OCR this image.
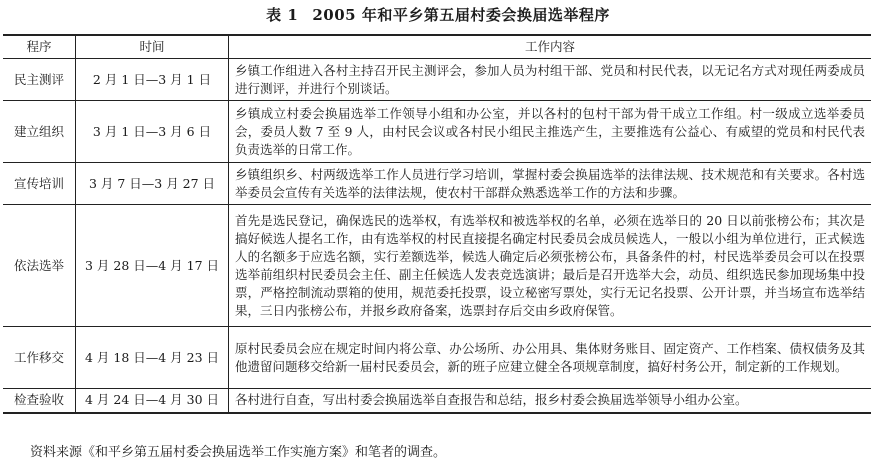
表 1 2005 年和平乡第五届村委会换届选举程序
程序	时间	工作内容
民主测评	2 月 1 日—3 月 1 日	乡镇工作组进入各村主持召开民主测评会，参加人员为村组干部、党员和村民代表，以无记名方式对现任两委成员进行测评，并进行个别谈话。
建立组织	3 月 1 日—3 月 6 日	乡镇成立村委会换届选举工作领导小组和办公室，并以各村的包村干部为骨干成立工作组。村一级成立选举委员会，委员人数 7 至 9 人，由村民会议或各村民小组民主推选产生，主要推选有公益心、有威望的党员和村民代表负责选举的日常工作。
宣传培训	3 月 7 日—3 月 27 日	乡镇组织乡、村两级选举工作人员进行学习培训，掌握村委会换届选举的法律法规、技术规范和有关要求。各村选举委员会宣传有关选举的法律法规，使农村干部群众熟悉选举工作的方法和步骤。
依法选举	3 月 28 日—4 月 17 日	首先是选民登记，确保选民的选举权，有选举权和被选举权的名单，必须在选举日的 20 日以前张榜公布；其次是搞好候选人提名工作，由有选举权的村民直接提名确定村民委员会成员候选人，一般以小组为单位进行，正式候选人的名额多于应选名额，实行差额选举，候选人确定后必须张榜公布，具备条件的村，村民选举委员会可以在投票选举前组织村民委员会主任、副主任候选人发表竞选演讲；最后是召开选举大会，动员、组织选民参加现场集中投票，严格控制流动票箱的使用，规范委托投票，设立秘密写票处，实行无记名投票、公开计票，并当场宣布选举结果，三日内张榜公布，并报乡政府备案，选票封存后交由乡政府保管。
工作移交	4 月 18 日—4 月 23 日	原村民委员会应在规定时间内将公章、办公场所、办公用具、集体财务账目、固定资产、工作档案、债权债务及其他遗留问题移交给新一届村民委员会，新的班子应建立健全各项规章制度，搞好村务公开，制定新的工作规划。
检查验收	4 月 24 日—4 月 30 日	各村进行自查，写出村委会换届选举自查报告和总结，报乡村委会换届选举领导小组办公室。
资料来源《和平乡第五届村委会换届选举工作实施方案》和笔者的调查。
